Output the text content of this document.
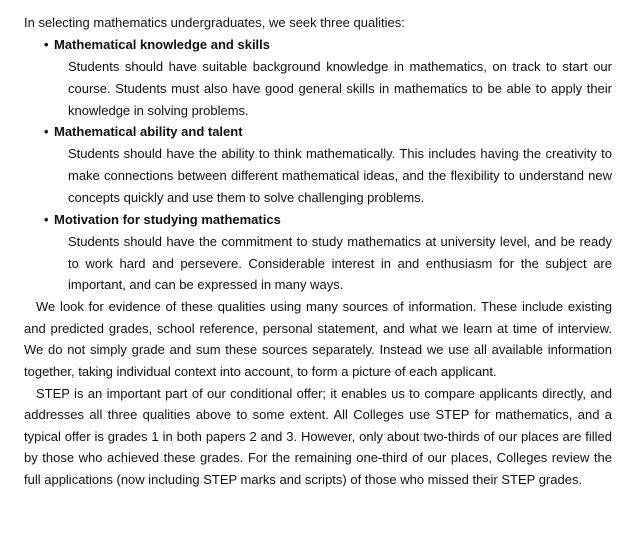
In selecting mathematics undergraduates, we seek three qualities:

• Mathematical knowledge and skills

Students should have suitable background knowledge in mathematics, on track to start our course. Students must also have good general skills in mathematics to be able to apply their knowledge in solving problems.

• Mathematical ability and talent

Students should have the ability to think mathematically. This includes having the creativity to make connections between different mathematical ideas, and the flexibility to understand new concepts quickly and use them to solve challenging problems.

• Motivation for studying mathematics

Students should have the commitment to study mathematics at university level, and be ready to work hard and persevere. Considerable interest in and enthusiasm for the subject are important, and can be expressed in many ways.

We look for evidence of these qualities using many sources of information. These include existing and predicted grades, school reference, personal statement, and what we learn at time of interview. We do not simply grade and sum these sources separately. Instead we use all available information together, taking individual context into account, to form a picture of each applicant.

STEP is an important part of our conditional offer; it enables us to compare applicants directly, and addresses all three qualities above to some extent. All Colleges use STEP for mathematics, and a typical offer is grades 1 in both papers 2 and 3. However, only about two-thirds of our places are filled by those who achieved these grades. For the remaining one-third of our places, Colleges review the full applications (now including STEP marks and scripts) of those who missed their STEP grades.
